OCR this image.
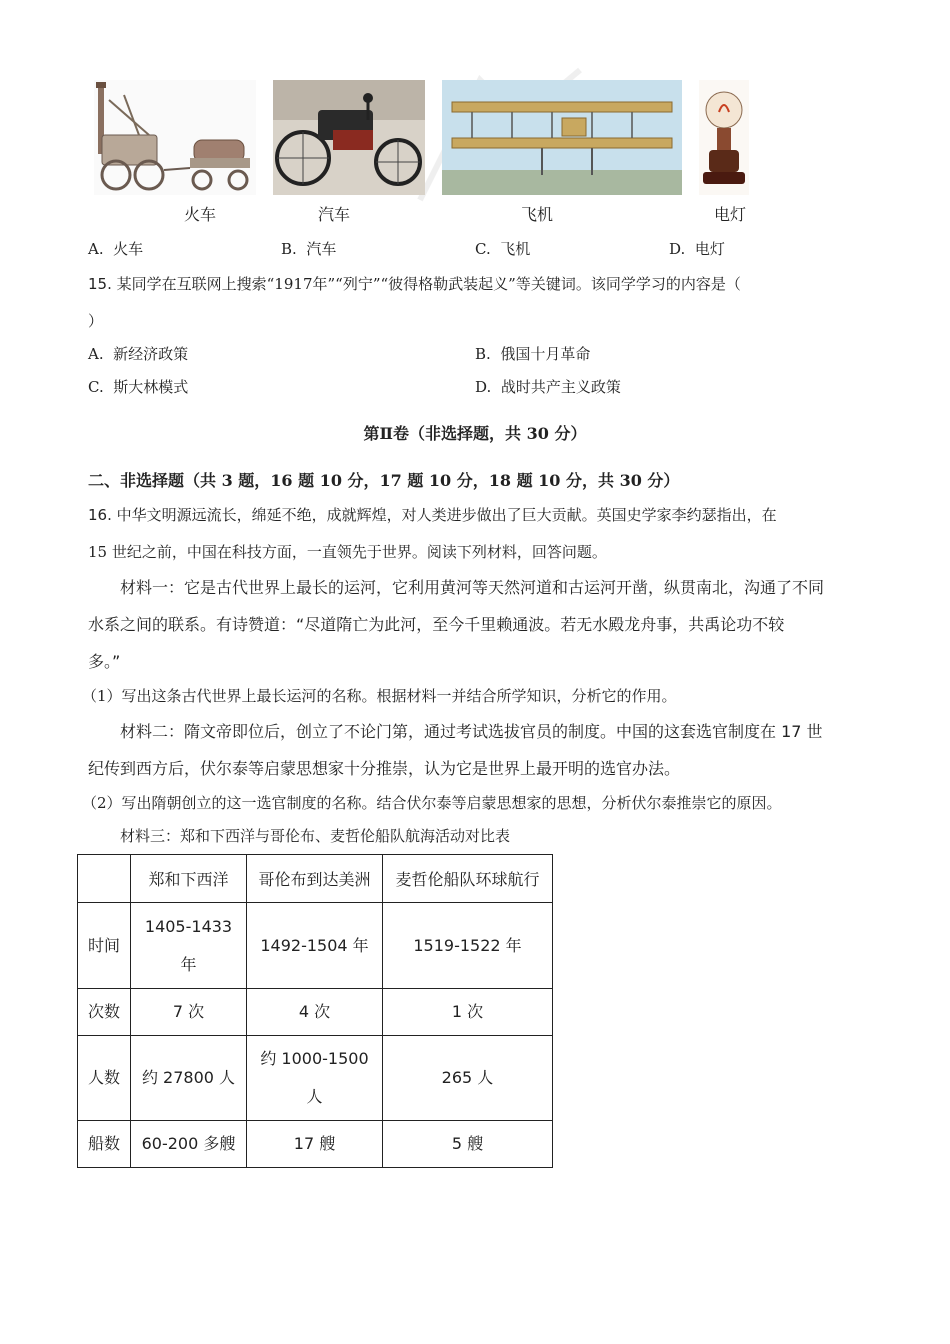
火车	汽车	飞机	电灯
A. 火车	B. 汽车	C. 飞机	D. 电灯
15. 某同学在互联网上搜索“1917年”“列宁”“彼得格勒武装起义”等关键词。该同学学习的内容是（
）
A. 新经济政策	B. 俄国十月革命
C. 斯大林模式	D. 战时共产主义政策
第Ⅱ卷（非选择题，共 30 分）
二、非选择题（共 3 题，16 题 10 分，17 题 10 分，18 题 10 分，共 30 分）
16. 中华文明源远流长，绵延不绝，成就辉煌，对人类进步做出了巨大贡献。英国史学家李约瑟指出，在
15 世纪之前，中国在科技方面，一直领先于世界。阅读下列材料，回答问题。
材料一：它是古代世界上最长的运河，它利用黄河等天然河道和古运河开凿，纵贯南北，沟通了不同
水系之间的联系。有诗赞道：“尽道隋亡为此河，至今千里赖通波。若无水殿龙舟事，共禹论功不较
多。”
（1）写出这条古代世界上最长运河的名称。根据材料一并结合所学知识，分析它的作用。
材料二：隋文帝即位后，创立了不论门第，通过考试选拔官员的制度。中国的这套选官制度在 17 世
纪传到西方后，伏尔泰等启蒙思想家十分推崇，认为它是世界上最开明的选官办法。
（2）写出隋朝创立的这一选官制度的名称。结合伏尔泰等启蒙思想家的思想，分析伏尔泰推崇它的原因。
材料三：郑和下西洋与哥伦布、麦哲伦船队航海活动对比表
	郑和下西洋	哥伦布到达美洲	麦哲伦船队环球航行
时间	1405-1433年	1492-1504 年	1519-1522 年
次数	7 次	4 次	1 次
人数	约 27800 人	约 1000-1500人	265 人
船数	60-200 多艘	17 艘	5 艘
